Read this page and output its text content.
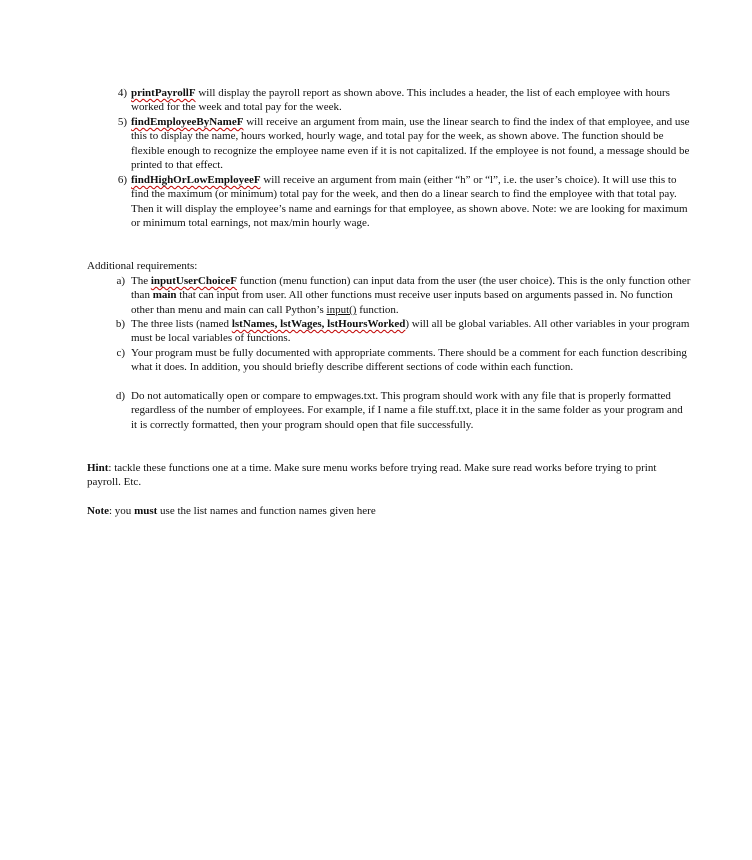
4) printPayrollF will display the payroll report as shown above. This includes a header, the list of each employee with hours worked for the week and total pay for the week.
5) findEmployeeByNameF will receive an argument from main, use the linear search to find the index of that employee, and use this to display the name, hours worked, hourly wage, and total pay for the week, as shown above. The function should be flexible enough to recognize the employee name even if it is not capitalized. If the employee is not found, a message should be printed to that effect.
6) findHighOrLowEmployeeF will receive an argument from main (either “h” or “l”, i.e. the user’s choice). It will use this to find the maximum (or minimum) total pay for the week, and then do a linear search to find the employee with that total pay. Then it will display the employee’s name and earnings for that employee, as shown above. Note: we are looking for maximum or minimum total earnings, not max/min hourly wage.
Additional requirements:
a) The inputUserChoiceF function (menu function) can input data from the user (the user choice). This is the only function other than main that can input from user. All other functions must receive user inputs based on arguments passed in. No function other than menu and main can call Python’s input() function.
b) The three lists (named lstNames, lstWages, lstHoursWorked) will all be global variables. All other variables in your program must be local variables of functions.
c) Your program must be fully documented with appropriate comments. There should be a comment for each function describing what it does. In addition, you should briefly describe different sections of code within each function.
d) Do not automatically open or compare to empwages.txt. This program should work with any file that is properly formatted regardless of the number of employees. For example, if I name a file stuff.txt, place it in the same folder as your program and it is correctly formatted, then your program should open that file successfully.
Hint: tackle these functions one at a time. Make sure menu works before trying read. Make sure read works before trying to print payroll. Etc.
Note: you must use the list names and function names given here
